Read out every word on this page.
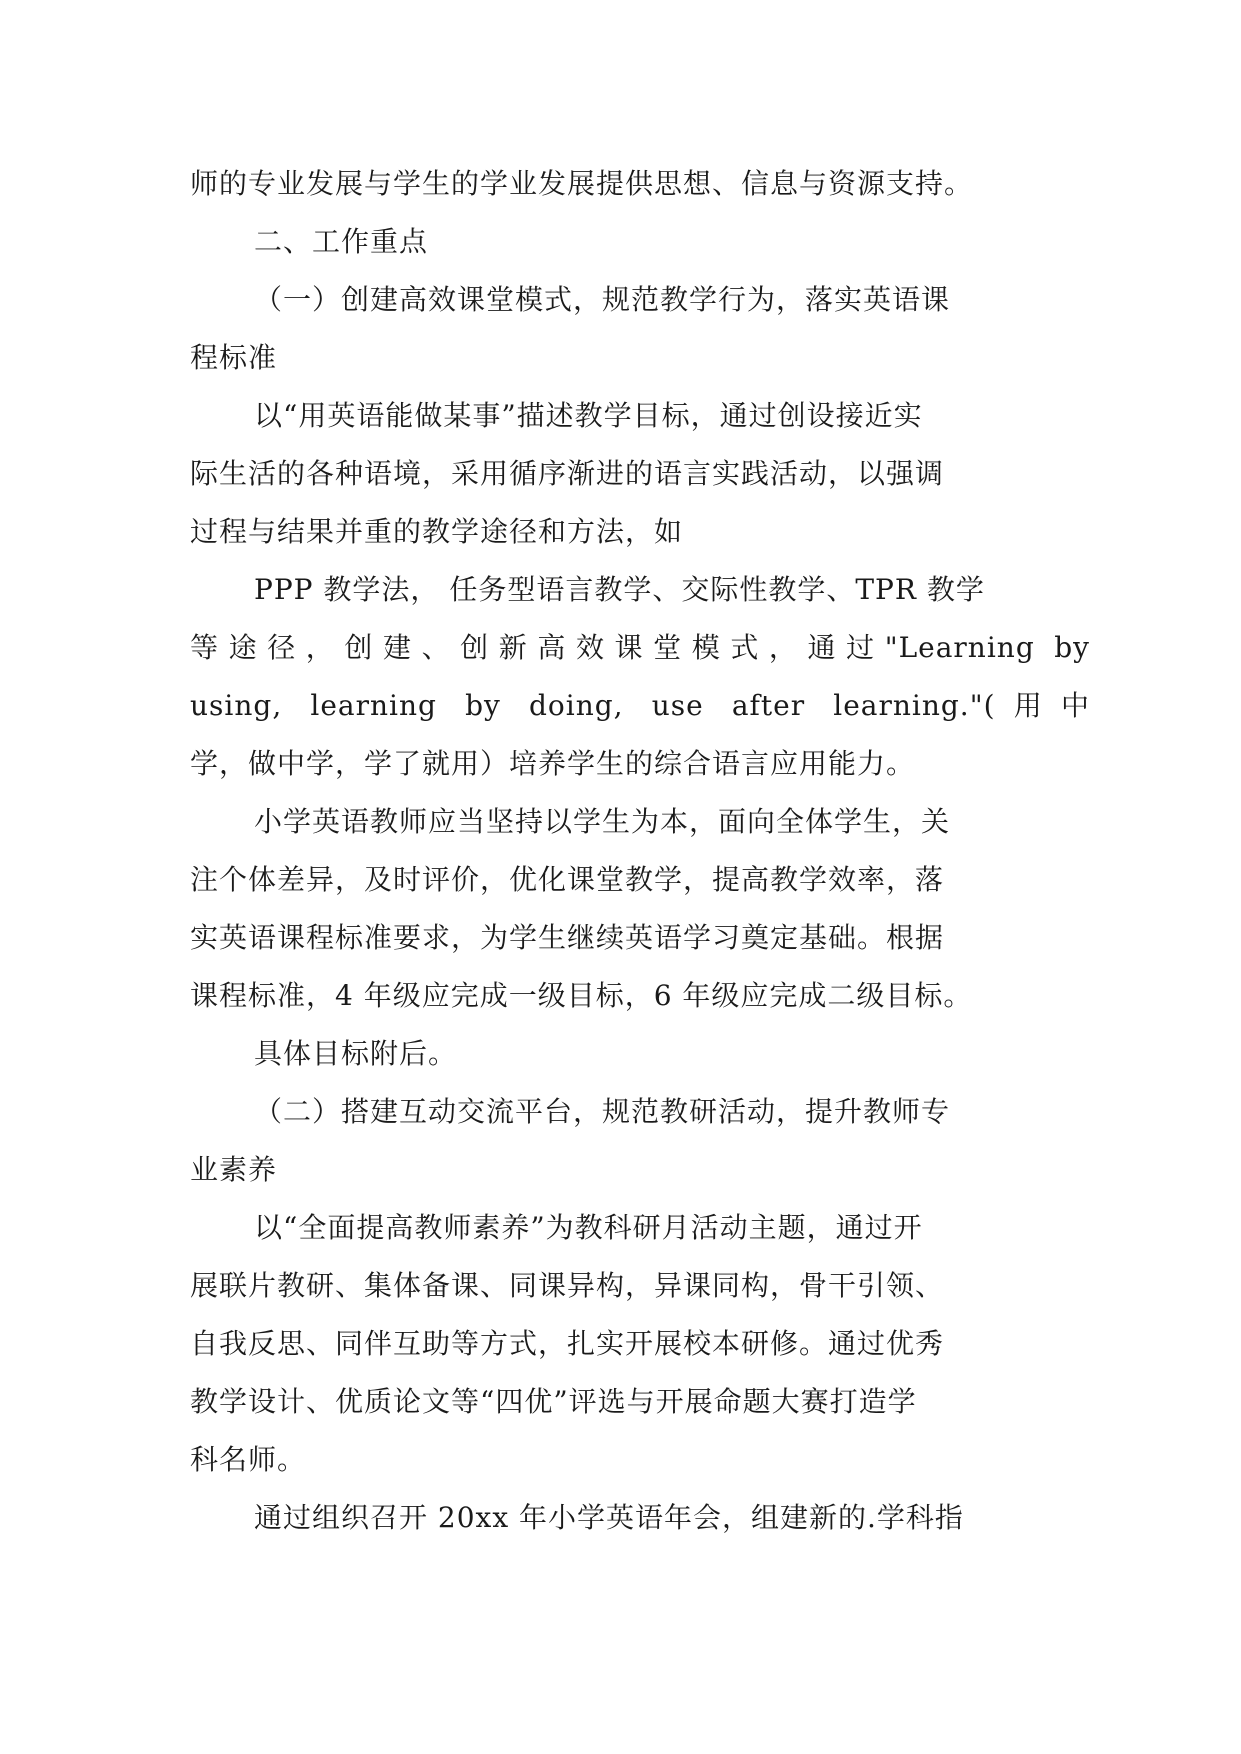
师的专业发展与学生的学业发展提供思想、信息与资源支持。
二、工作重点
（一）创建高效课堂模式，规范教学行为，落实英语课
程标准
以“用英语能做某事”描述教学目标，通过创设接近实
际生活的各种语境，采用循序渐进的语言实践活动，以强调
过程与结果并重的教学途径和方法，如
PPP 教学法， 任务型语言教学、交际性教学、TPR 教学
等途径，创建、创新高效课堂模式，通过"Learning by
using, learning by doing, use after learning."(用中
学，做中学，学了就用）培养学生的综合语言应用能力。
小学英语教师应当坚持以学生为本，面向全体学生，关
注个体差异，及时评价，优化课堂教学，提高教学效率，落
实英语课程标准要求，为学生继续英语学习奠定基础。根据
课程标准，4 年级应完成一级目标，6 年级应完成二级目标。
具体目标附后。
（二）搭建互动交流平台，规范教研活动，提升教师专
业素养
以“全面提高教师素养”为教科研月活动主题，通过开
展联片教研、集体备课、同课异构，异课同构，骨干引领、
自我反思、同伴互助等方式，扎实开展校本研修。通过优秀
教学设计、优质论文等“四优”评选与开展命题大赛打造学
科名师。
通过组织召开 20xx 年小学英语年会，组建新的.学科指
